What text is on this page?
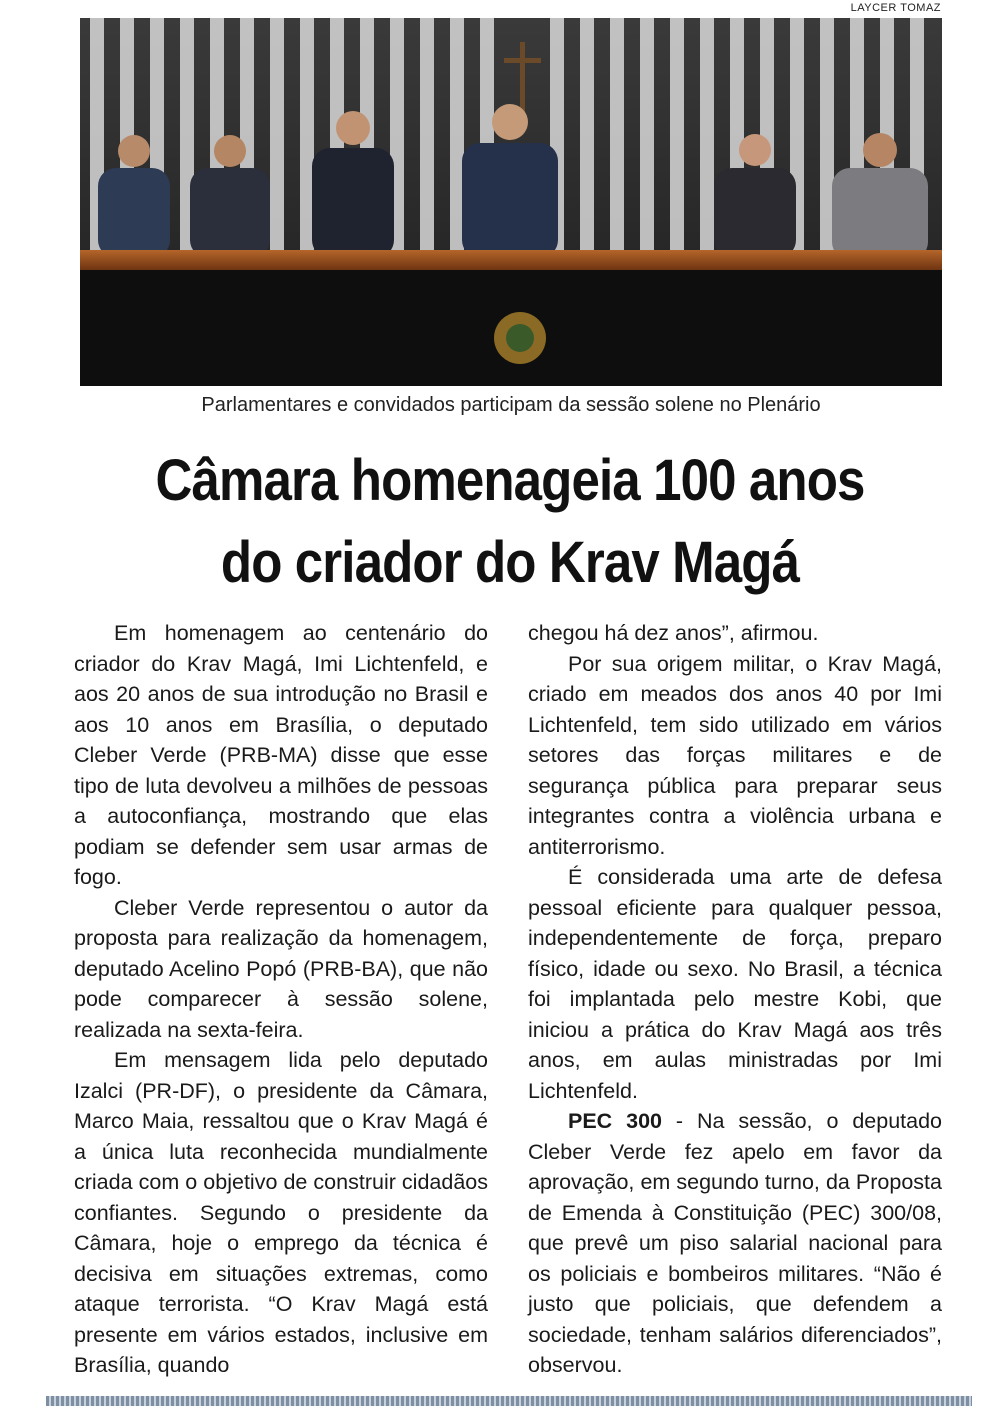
LAYCER TOMAZ
Parlamentares e convidados participam da sessão solene no Plenário
Câmara homenageia 100 anos
do criador do Krav Magá

Em homenagem ao centenário do criador do Krav Magá, Imi Lichtenfeld, e aos 20 anos de sua introdução no Brasil e aos 10 anos em Brasília, o deputado Cleber Verde (PRB-MA) disse que esse tipo de luta devolveu a milhões de pessoas a autoconfiança, mostrando que elas podiam se defender sem usar armas de fogo.

Cleber Verde representou o autor da proposta para realização da homenagem, deputado Acelino Popó (PRB-BA), que não pode comparecer à sessão solene, realizada na sexta-feira.

Em mensagem lida pelo deputado Izalci (PR-DF), o presidente da Câmara, Marco Maia, ressaltou que o Krav Magá é a única luta reconhecida mundialmente criada com o objetivo de construir cidadãos confiantes. Segundo o presidente da Câmara, hoje o emprego da técnica é decisiva em situações extremas, como ataque terrorista. “O Krav Magá está presente em vários estados, inclusive em Brasília, quando

chegou há dez anos”, afirmou.

Por sua origem militar, o Krav Magá, criado em meados dos anos 40 por Imi Lichtenfeld, tem sido utilizado em vários setores das forças militares e de segurança pública para preparar seus integrantes contra a violência urbana e antiterrorismo.

É considerada uma arte de defesa pessoal eficiente para qualquer pessoa, independentemente de força, preparo físico, idade ou sexo. No Brasil, a técnica foi implantada pelo mestre Kobi, que iniciou a prática do Krav Magá aos três anos, em aulas ministradas por Imi Lichtenfeld.

PEC 300 - Na sessão, o deputado Cleber Verde fez apelo em favor da aprovação, em segundo turno, da Proposta de Emenda à Constituição (PEC) 300/08, que prevê um piso salarial nacional para os policiais e bombeiros militares. “Não é justo que policiais, que defendem a sociedade, tenham salários diferenciados”, observou.
